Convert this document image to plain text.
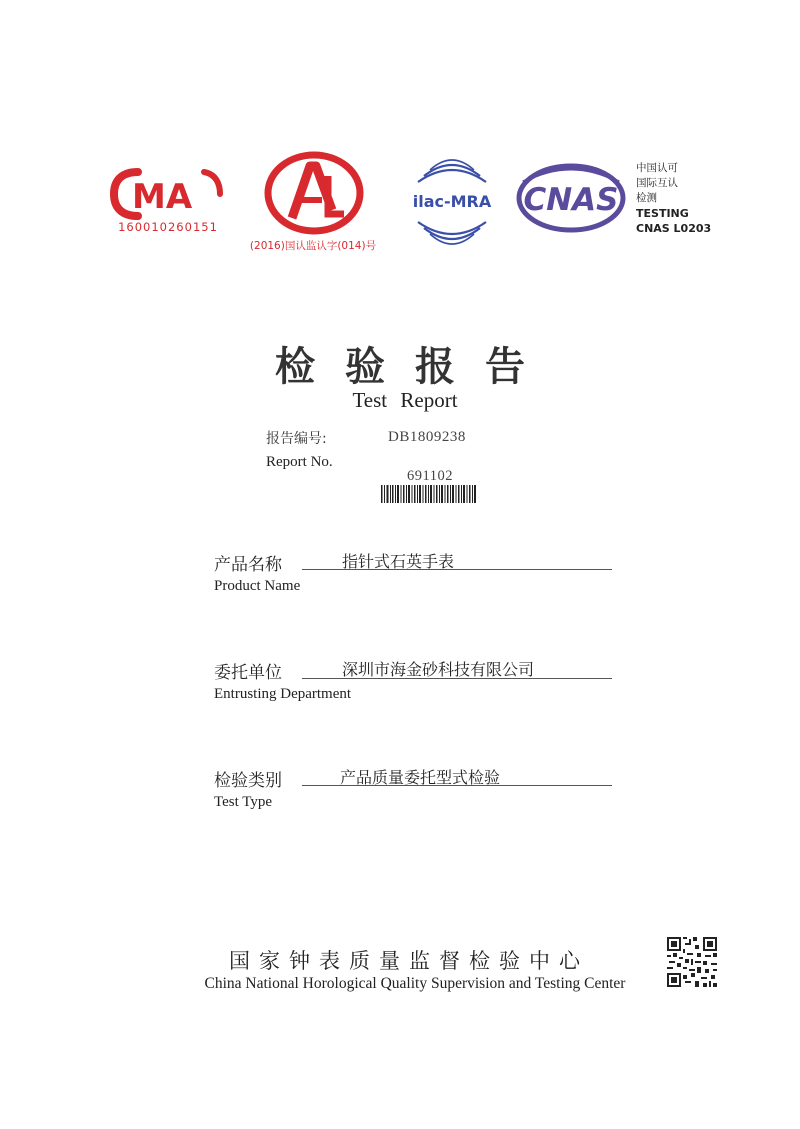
MA
160010260151
(2016)国认监认字(014)号
ilac-MRA CNAS
中国认可
国际互认
检测
TESTING
CNAS L0203
检验报告
Test Report
报告编号:
Report No.
DB1809238
691102
产品名称	指针式石英手表
Product Name
委托单位	深圳市海金砂科技有限公司
Entrusting Department
检验类别	产品质量委托型式检验
Test Type
国家钟表质量监督检验中心
China National Horological Quality Supervision and Testing Center
